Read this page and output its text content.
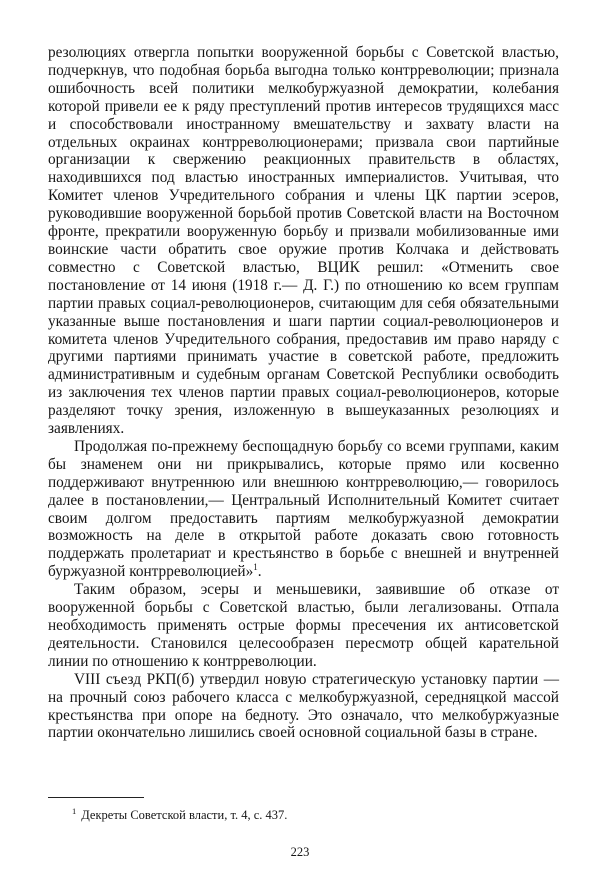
резолюциях отвергла попытки вооруженной борьбы с Советской властью, подчеркнув, что подобная борьба выгодна только контрреволюции; признала ошибочность всей политики мелкобуржуазной демократии, колебания которой привели ее к ряду преступлений против интересов трудящихся масс и способствовали иностранному вмешательству и захвату власти на отдельных окраинах контрреволюционерами; призвала свои партийные организации к свержению реакционных правительств в областях, находившихся под властью иностранных империалистов. Учитывая, что Комитет членов Учредительного собрания и члены ЦК партии эсеров, руководившие вооруженной борьбой против Советской власти на Восточном фронте, прекратили вооруженную борьбу и призвали мобилизованные ими воинские части обратить свое оружие против Колчака и действовать совместно с Советской властью, ВЦИК решил: «Отменить свое постановление от 14 июня (1918 г.— Д. Г.) по отношению ко всем группам партии правых социал-революционеров, считающим для себя обязательными указанные выше постановления и шаги партии социал-революционеров и комитета членов Учредительного собрания, предоставив им право наряду с другими партиями принимать участие в советской работе, предложить административным и судебным органам Советской Республики освободить из заключения тех членов партии правых социал-революционеров, которые разделяют точку зрения, изложенную в вышеуказанных резолюциях и заявлениях.

Продолжая по-прежнему беспощадную борьбу со всеми группами, каким бы знаменем они ни прикрывались, которые прямо или косвенно поддерживают внутреннюю или внешнюю контрреволюцию,— говорилось далее в постановлении,— Центральный Исполнительный Комитет считает своим долгом предоставить партиям мелкобуржуазной демократии возможность на деле в открытой работе доказать свою готовность поддержать пролетариат и крестьянство в борьбе с внешней и внутренней буржуазной контрреволюцией»$^1$.

Таким образом, эсеры и меньшевики, заявившие об отказе от вооруженной борьбы с Советской властью, были легализованы. Отпала необходимость применять острые формы пресечения их антисоветской деятельности. Становился целесообразен пересмотр общей карательной линии по отношению к контрреволюции.

VIII съезд РКП(б) утвердил новую стратегическую установку партии — на прочный союз рабочего класса с мелкобуржуазной, середняцкой массой крестьянства при опоре на бедноту. Это означало, что мелкобуржуазные партии окончательно лишились своей основной социальной базы в стране.

$^1$ Декреты Советской власти, т. 4, с. 437.
223
